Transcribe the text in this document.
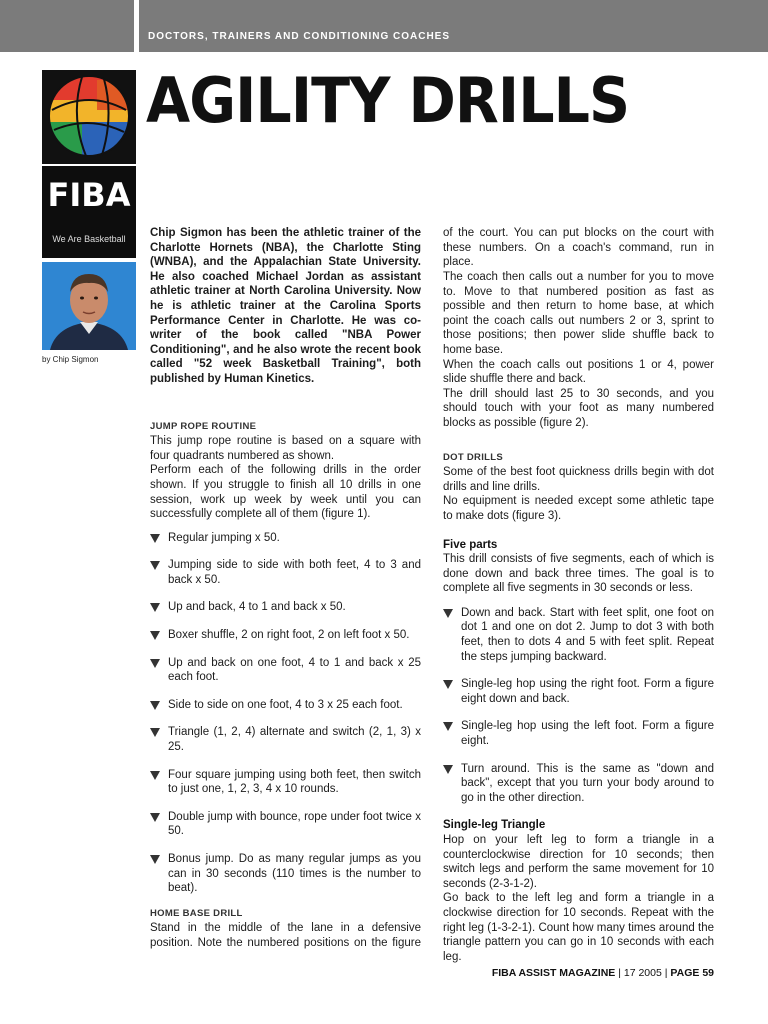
DOCTORS, TRAINERS AND CONDITIONING COACHES
AGILITY DRILLS
FIBA
We Are Basketball
by Chip Sigmon

Chip Sigmon has been the athletic trainer of the Charlotte Hornets (NBA), the Charlotte Sting (WNBA), and the Appalachian State University. He also coached Michael Jordan as assistant athletic trainer at North Carolina University. Now he is athletic trainer at the Carolina Sports Performance Center in Charlotte. He was co-writer of the book called "NBA Power Conditioning", and he also wrote the recent book called "52 week Basketball Training", both published by Human Kinetics.

JUMP ROPE ROUTINE

This jump rope routine is based on a square with four quadrants numbered as shown.

Perform each of the following drills in the order shown. If you struggle to finish all 10 drills in one session, work up week by week until you can successfully complete all of them (figure 1).

Regular jumping x 50.
Jumping side to side with both feet, 4 to 3 and back x 50.
Up and back, 4 to 1 and back x 50.
Boxer shuffle, 2 on right foot, 2 on left foot x 50.
Up and back on one foot, 4 to 1 and back x 25 each foot.
Side to side on one foot, 4 to 3 x 25 each foot.
Triangle (1, 2, 4) alternate and switch (2, 1, 3) x 25.
Four square jumping using both feet, then switch to just one, 1, 2, 3, 4 x 10 rounds.
Double jump with bounce, rope under foot twice x 50.
Bonus jump. Do as many regular jumps as you can in 30 seconds (110 times is the number to beat).

HOME BASE DRILL

Stand in the middle of the lane in a defensive position. Note the numbered positions on the figure

of the court. You can put blocks on the court with these numbers. On a coach's command, run in place.

The coach then calls out a number for you to move to. Move to that numbered position as fast as possible and then return to home base, at which point the coach calls out numbers 2 or 3, sprint to those positions; then power slide shuffle back to home base.

When the coach calls out positions 1 or 4, power slide shuffle there and back.

The drill should last 25 to 30 seconds, and you should touch with your foot as many numbered blocks as possible (figure 2).

DOT DRILLS

Some of the best foot quickness drills begin with dot drills and line drills.

No equipment is needed except some athletic tape to make dots (figure 3).

Five parts

This drill consists of five segments, each of which is done down and back three times. The goal is to complete all five segments in 30 seconds or less.

Down and back. Start with feet split, one foot on dot 1 and one on dot 2. Jump to dot 3 with both feet, then to dots 4 and 5 with feet split. Repeat the steps jumping backward.
Single-leg hop using the right foot. Form a figure eight down and back.
Single-leg hop using the left foot. Form a figure eight.
Turn around. This is the same as "down and back", except that you turn your body around to go in the other direction.

Single-leg Triangle

Hop on your left leg to form a triangle in a counterclockwise direction for 10 seconds; then switch legs and perform the same movement for 10 seconds (2-3-1-2).

Go back to the left leg and form a triangle in a clockwise direction for 10 seconds. Repeat with the right leg (1-3-2-1). Count how many times around the triangle pattern you can go in 10 seconds with each leg.

FIBA ASSIST MAGAZINE | 17 2005 | PAGE 59
